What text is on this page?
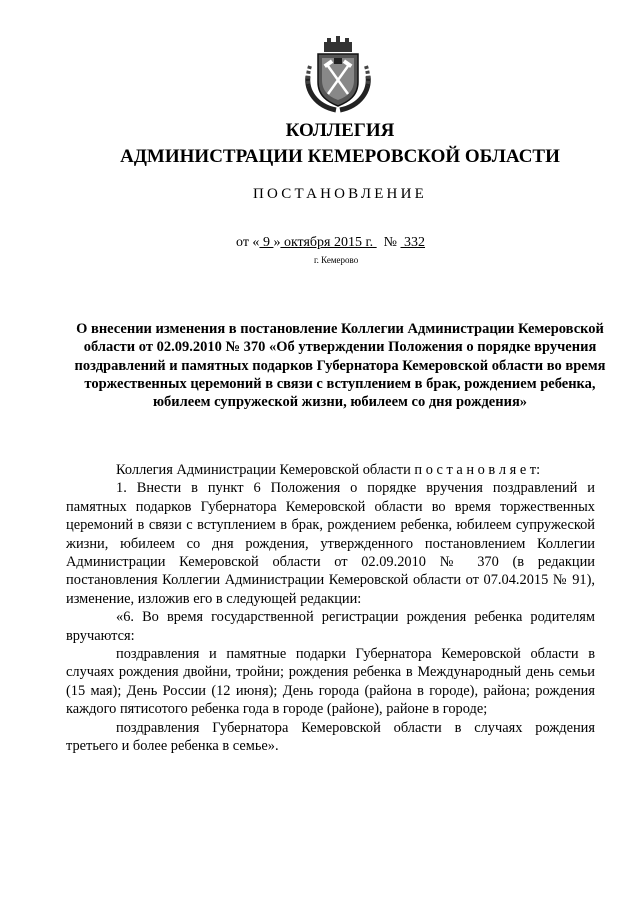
КОЛЛЕГИЯ
АДМИНИСТРАЦИИ КЕМЕРОВСКОЙ ОБЛАСТИ
ПОСТАНОВЛЕНИЕ
от « 9 » октября 2015 г.   №  332
г. Кемерово
О внесении изменения в постановление Коллегии Администрации Кемеровской области от 02.09.2010 № 370 «Об утверждении Положения о порядке вручения поздравлений и памятных подарков Губернатора Кемеровской области во время торжественных церемоний в связи с вступлением в брак, рождением ребенка, юбилеем супружеской жизни, юбилеем со дня рождения»

Коллегия Администрации Кемеровской области п о с т а н о в л я е т:

1. Внести в пункт 6 Положения о порядке вручения поздравлений и памятных подарков Губернатора Кемеровской области во время торжественных церемоний в связи с вступлением в брак, рождением ребенка, юбилеем супружеской жизни, юбилеем со дня рождения, утвержденного постановлением Коллегии Администрации Кемеровской области от 02.09.2010 № 370 (в редакции постановления Коллегии Администрации Кемеровской области от 07.04.2015 № 91), изменение, изложив его в следующей редакции:

«6. Во время государственной регистрации рождения ребенка родителям вручаются:

поздравления и памятные подарки Губернатора Кемеровской области в случаях рождения двойни, тройни; рождения ребенка в Международный день семьи (15 мая); День России (12 июня); День города (района в городе), района; рождения каждого пятисотого ребенка года в городе (районе), районе в городе;

поздравления Губернатора Кемеровской области в случаях рождения третьего и более ребенка в семье».
